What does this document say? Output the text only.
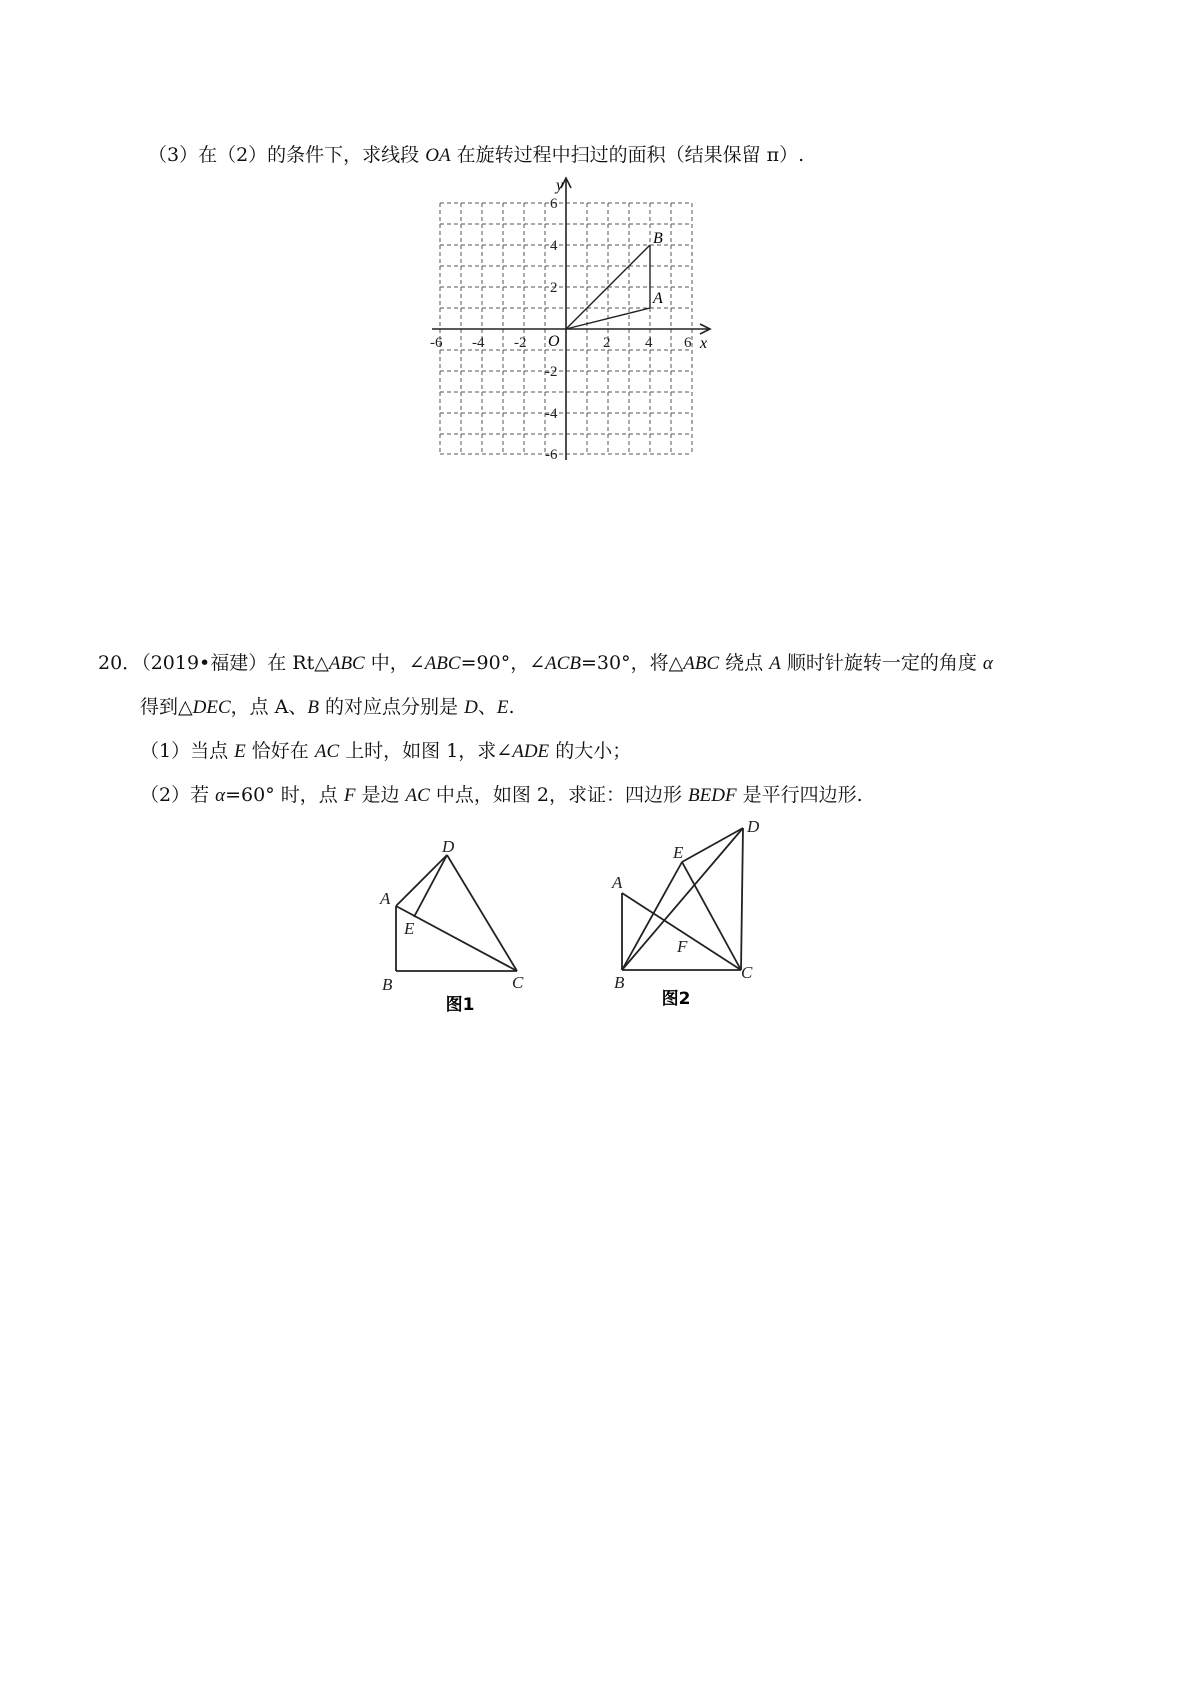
（3）在（2）的条件下，求线段 OA 在旋转过程中扫过的面积（结果保留 π）.
y
x
O
-6 -4 -2	2 4 6
6
4
2
-2
-4
-6
B
A
20．（2019•福建）在 Rt△ABC 中，∠ABC=90°，∠ACB=30°，将△ABC 绕点 A 顺时针旋转一定的角度 α
得到△DEC，点 A、B 的对应点分别是 D、E.
（1）当点 E 恰好在 AC 上时，如图 1，求∠ADE 的大小；
（2）若 α=60° 时，点 F 是边 AC 中点，如图 2，求证：四边形 BEDF 是平行四边形.
D
A
E
B	C
图1
D
E
A
F
B
C
图2
